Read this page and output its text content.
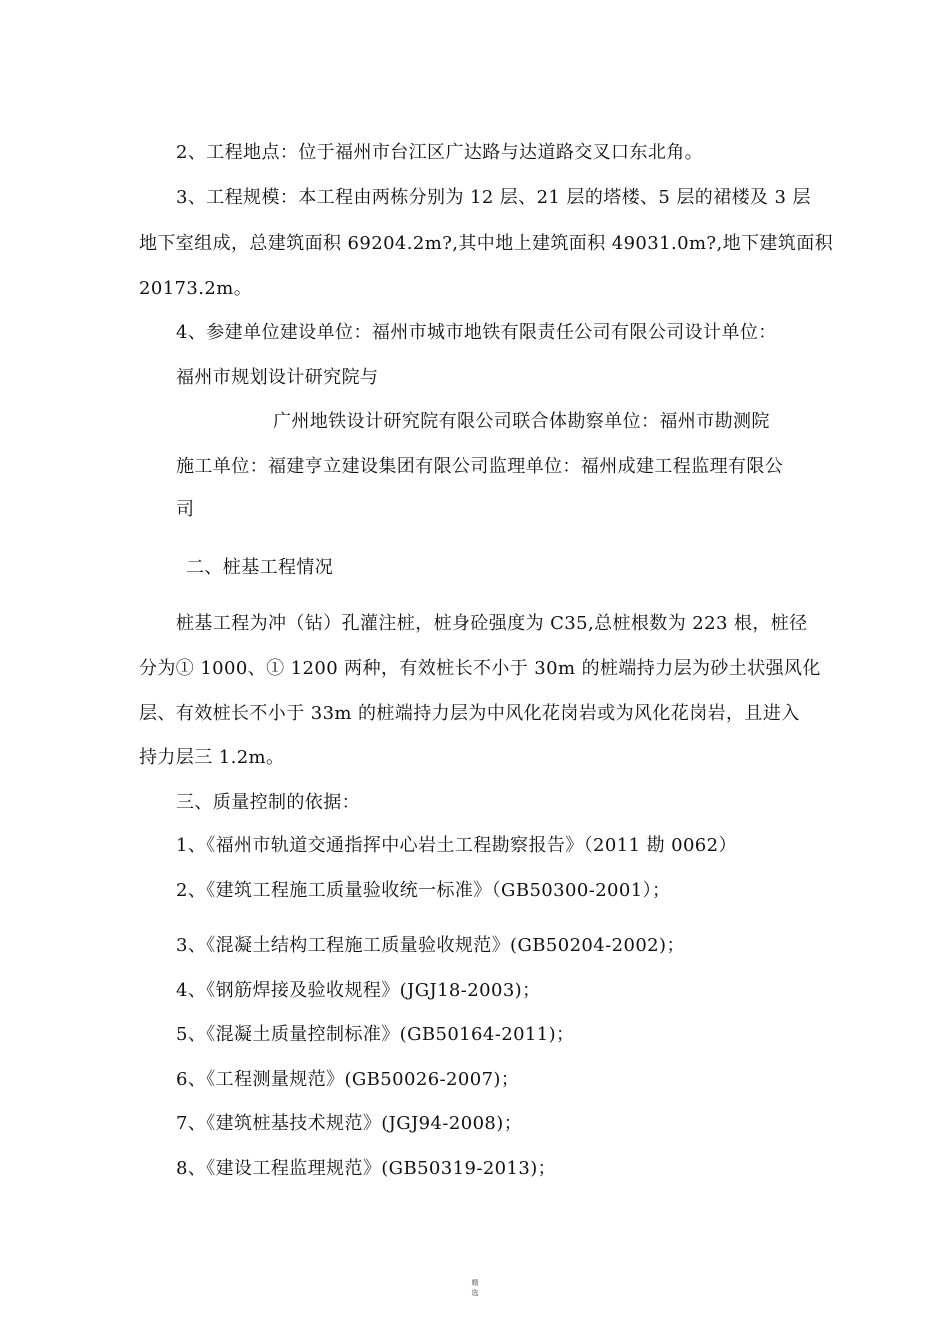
2、工程地点：位于福州市台江区广达路与达道路交叉口东北角。
3、工程规模：本工程由两栋分别为 12 层、21 层的塔楼、5 层的裙楼及 3 层
地下室组成，总建筑面积 69204.2m?,其中地上建筑面积 49031.0m?,地下建筑面积
20173.2m。
4、参建单位建设单位：福州市城市地铁有限责任公司有限公司设计单位：
福州市规划设计研究院与
广州地铁设计研究院有限公司联合体勘察单位：福州市勘测院
施工单位：福建亨立建设集团有限公司监理单位：福州成建工程监理有限公
司
二、桩基工程情况
桩基工程为冲（钻）孔灌注桩，桩身砼强度为 C35,总桩根数为 223 根，桩径
分为① 1000、① 1200 两种，有效桩长不小于 30m 的桩端持力层为砂土状强风化
层、有效桩长不小于 33m 的桩端持力层为中风化花岗岩或为风化花岗岩，且进入
持力层三 1.2m。
三、质量控制的依据：
1、《福州市轨道交通指挥中心岩土工程勘察报告》（2011 勘 0062）
2、《建筑工程施工质量验收统一标准》（GB50300-2001）；
3、《混凝土结构工程施工质量验收规范》(GB50204-2002)；
4、《钢筋焊接及验收规程》(JGJ18-2003)；
5、《混凝土质量控制标准》(GB50164-2011)；
6、《工程测量规范》(GB50026-2007)；
7、《建筑桩基技术规范》(JGJ94-2008)；
8、《建设工程监理规范》(GB50319-2013)；
精
选
